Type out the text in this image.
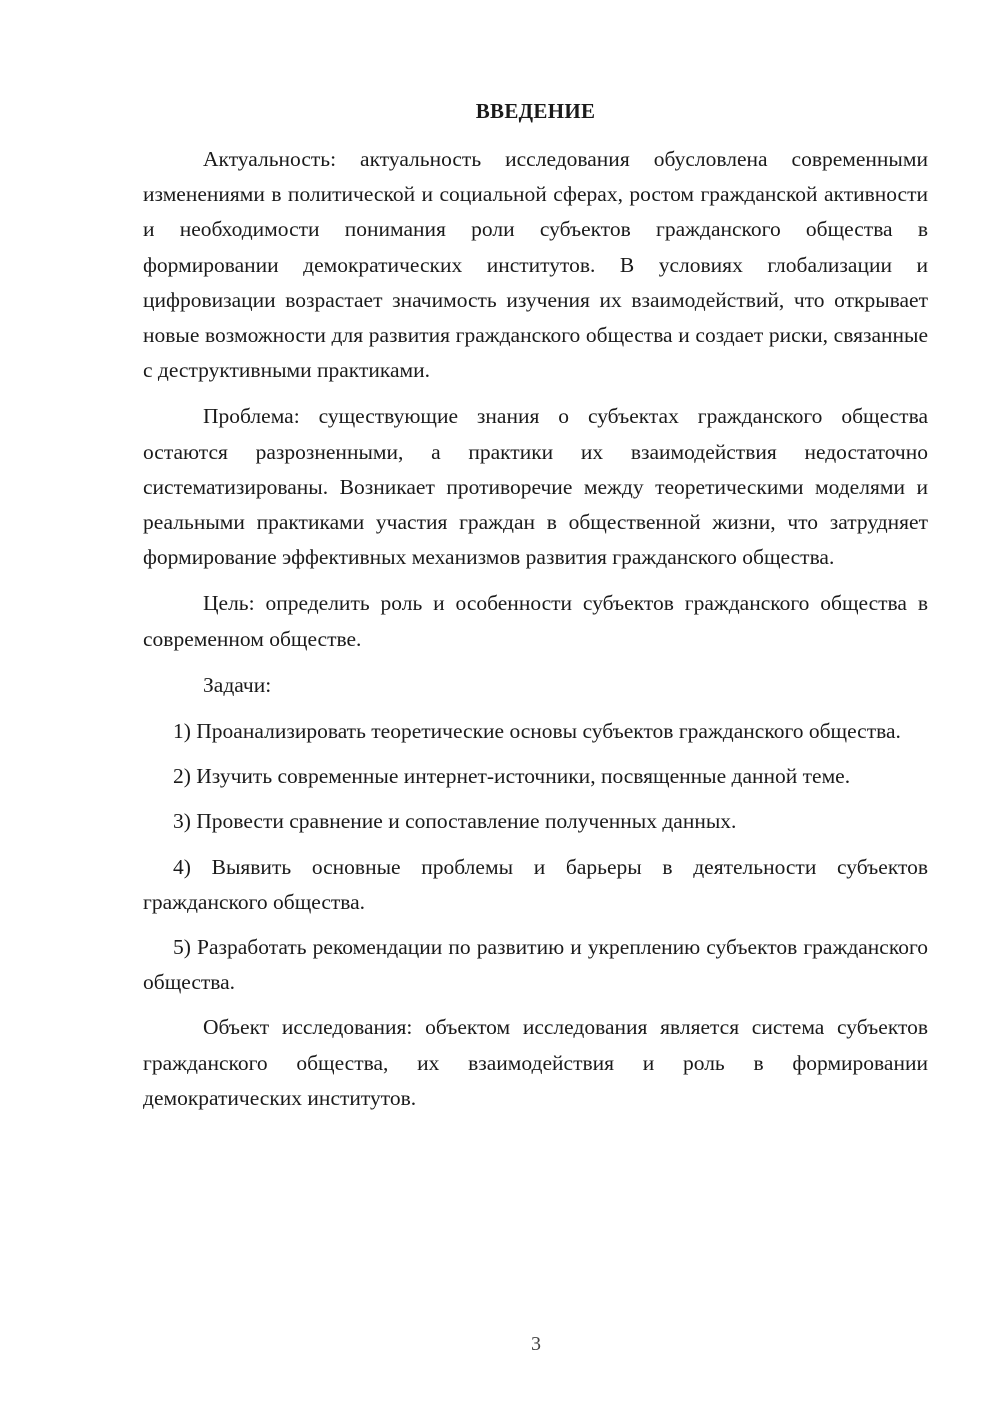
ВВЕДЕНИЕ

Актуальность: актуальность исследования обусловлена современными изменениями в политической и социальной сферах, ростом гражданской активности и необходимости понимания роли субъектов гражданского общества в формировании демократических институтов. В условиях глобализации и цифровизации возрастает значимость изучения их взаимодействий, что открывает новые возможности для развития гражданского общества и создает риски, связанные с деструктивными практиками.

Проблема: существующие знания о субъектах гражданского общества остаются разрозненными, а практики их взаимодействия недостаточно систематизированы. Возникает противоречие между теоретическими моделями и реальными практиками участия граждан в общественной жизни, что затрудняет формирование эффективных механизмов развития гражданского общества.

Цель: определить роль и особенности субъектов гражданского общества в современном обществе.

Задачи:

1) Проанализировать теоретические основы субъектов гражданского общества.

2) Изучить современные интернет-источники, посвященные данной теме.

3) Провести сравнение и сопоставление полученных данных.

4) Выявить основные проблемы и барьеры в деятельности субъектов гражданского общества.

5) Разработать рекомендации по развитию и укреплению субъектов гражданского общества.

Объект исследования: объектом исследования является система субъектов гражданского общества, их взаимодействия и роль в формировании демократических институтов.

3
